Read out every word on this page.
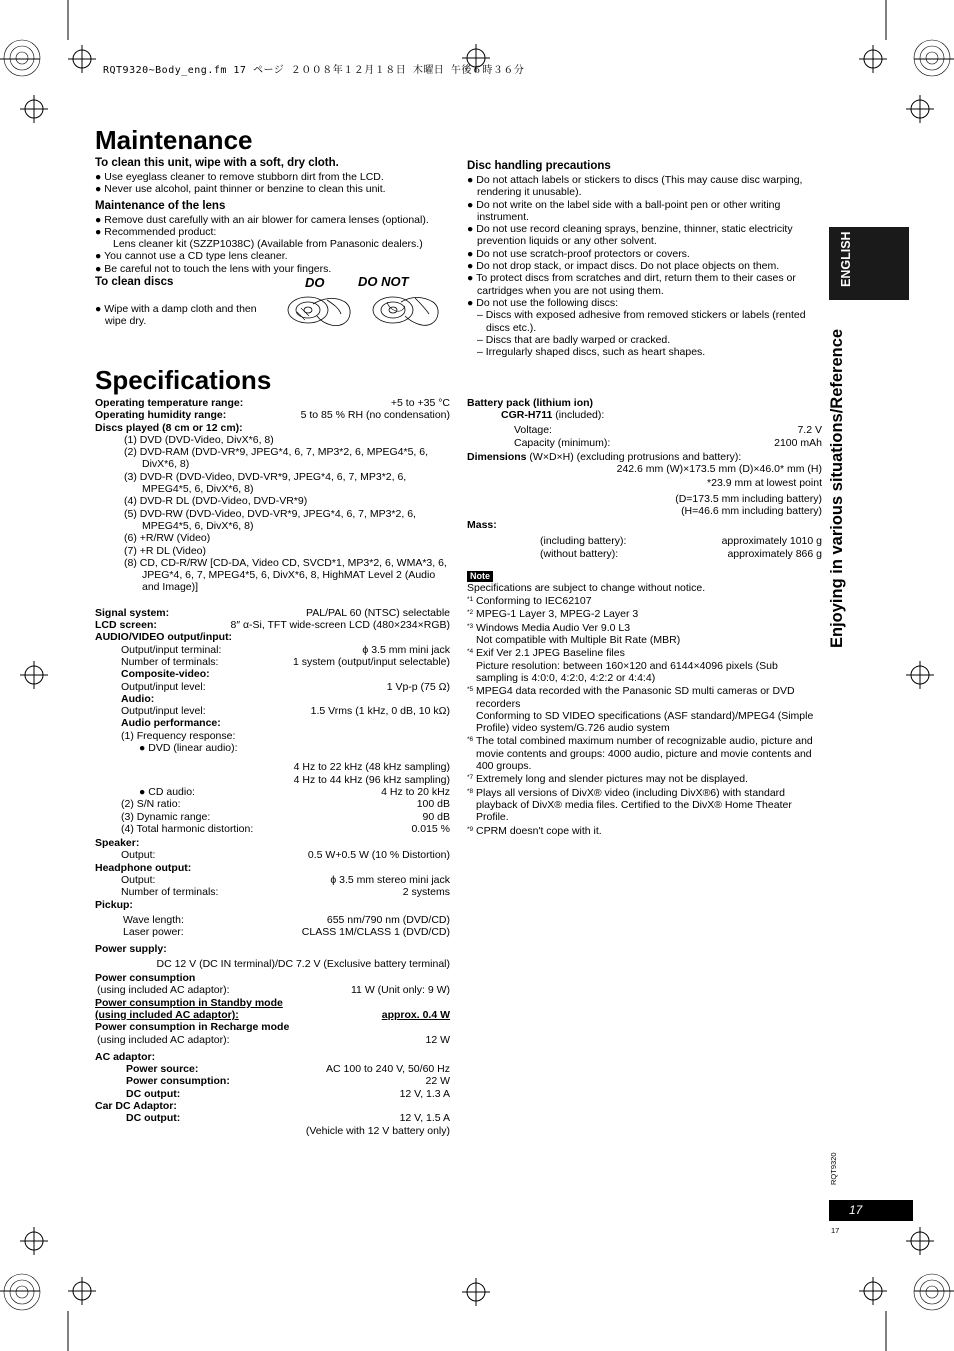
RQT9320~Body_eng.fm 17 ページ ２００８年１２月１８日 木曜日 午後６時３６分
Maintenance
To clean this unit, wipe with a soft, dry cloth.
● Use eyeglass cleaner to remove stubborn dirt from the LCD.
● Never use alcohol, paint thinner or benzine to clean this unit.
Maintenance of the lens
● Remove dust carefully with an air blower for camera lenses (optional).
● Recommended product:
Lens cleaner kit (SZZP1038C) (Available from Panasonic dealers.)
● You cannot use a CD type lens cleaner.
● Be careful not to touch the lens with your fingers.
To clean discs
● Wipe with a damp cloth and then wipe dry.
DO	DO NOT
Disc handling precautions
● Do not attach labels or stickers to discs (This may cause disc warping, rendering it unusable).
● Do not write on the label side with a ball-point pen or other writing instrument.
● Do not use record cleaning sprays, benzine, thinner, static electricity prevention liquids or any other solvent.
● Do not use scratch-proof protectors or covers.
● Do not drop stack, or impact discs. Do not place objects on them.
● To protect discs from scratches and dirt, return them to their cases or cartridges when you are not using them.
● Do not use the following discs:
– Discs with exposed adhesive from removed stickers or labels (rented discs etc.).
– Discs that are badly warped or cracked.
– Irregularly shaped discs, such as heart shapes.
ENGLISH
Enjoying in various situations/Reference
Specifications
Operating temperature range:	+5 to +35 °C
Operating humidity range:	5 to 85 % RH (no condensation)
Discs played (8 cm or 12 cm):
(1) DVD (DVD-Video, DivX*6, 8)
(2) DVD-RAM (DVD-VR*9, JPEG*4, 6, 7, MP3*2, 6, MPEG4*5, 6, DivX*6, 8)
(3) DVD-R (DVD-Video, DVD-VR*9, JPEG*4, 6, 7, MP3*2, 6, MPEG4*5, 6, DivX*6, 8)
(4) DVD-R DL (DVD-Video, DVD-VR*9)
(5) DVD-RW (DVD-Video, DVD-VR*9, JPEG*4, 6, 7, MP3*2, 6, MPEG4*5, 6, DivX*6, 8)
(6) +R/RW (Video)
(7) +R DL (Video)
(8) CD, CD-R/RW [CD-DA, Video CD, SVCD*1, MP3*2, 6, WMA*3, 6, JPEG*4, 6, 7, MPEG4*5, 6, DivX*6, 8, HighMAT Level 2 (Audio and Image)]
Signal system:	PAL/PAL 60 (NTSC) selectable
LCD screen:	8″ α-Si, TFT wide-screen LCD (480×234×RGB)
AUDIO/VIDEO output/input:
Output/input terminal:	ϕ 3.5 mm mini jack
Number of terminals:	1 system (output/input selectable)
Composite-video:
Output/input level:	1 Vp-p (75 Ω)
Audio:
Output/input level:	1.5 Vrms (1 kHz, 0 dB, 10 kΩ)
Audio performance:
(1) Frequency response:
● DVD (linear audio):
4 Hz to 22 kHz (48 kHz sampling)
4 Hz to 44 kHz (96 kHz sampling)
● CD audio:	4 Hz to 20 kHz
(2) S/N ratio:	100 dB
(3) Dynamic range:	90 dB
(4) Total harmonic distortion:	0.015 %
Speaker:
Output:	0.5 W+0.5 W (10 % Distortion)
Headphone output:
Output:	ϕ 3.5 mm stereo mini jack
Number of terminals:	2 systems
Pickup:
Wave length:	655 nm/790 nm (DVD/CD)
Laser power:	CLASS 1M/CLASS 1 (DVD/CD)
Power supply:
DC 12 V (DC IN terminal)/DC 7.2 V (Exclusive battery terminal)
Power consumption
(using included AC adaptor):	11 W (Unit only: 9 W)
Power consumption in Standby mode
(using included AC adaptor):	approx. 0.4 W
Power consumption in Recharge mode
(using included AC adaptor):	12 W
AC adaptor:
Power source:	AC 100 to 240 V, 50/60 Hz
Power consumption:	22 W
DC output:	12 V, 1.3 A
Car DC Adaptor:
DC output:	12 V, 1.5 A
(Vehicle with 12 V battery only)
Battery pack (lithium ion)
CGR-H711 (included):
Voltage:	7.2 V
Capacity (minimum):	2100 mAh
Dimensions (W×D×H) (excluding protrusions and battery):
242.6 mm (W)×173.5 mm (D)×46.0* mm (H)
*23.9 mm at lowest point
(D=173.5 mm including battery)
(H=46.6 mm including battery)
Mass:
(including battery):	approximately 1010 g
(without battery):	approximately 866 g
Note
Specifications are subject to change without notice.
*1 Conforming to IEC62107
*2 MPEG-1 Layer 3, MPEG-2 Layer 3
*3 Windows Media Audio Ver 9.0 L3
Not compatible with Multiple Bit Rate (MBR)
*4 Exif Ver 2.1 JPEG Baseline files
Picture resolution: between 160×120 and 6144×4096 pixels (Sub sampling is 4:0:0, 4:2:0, 4:2:2 or 4:4:4)
*5 MPEG4 data recorded with the Panasonic SD multi cameras or DVD recorders
Conforming to SD VIDEO specifications (ASF standard)/MPEG4 (Simple Profile) video system/G.726 audio system
*6 The total combined maximum number of recognizable audio, picture and movie contents and groups: 4000 audio, picture and movie contents and 400 groups.
*7 Extremely long and slender pictures may not be displayed.
*8 Plays all versions of DivX® video (including DivX®6) with standard playback of DivX® media files. Certified to the DivX® Home Theater Profile.
*9 CPRM doesn't cope with it.
RQT9320
17
17
